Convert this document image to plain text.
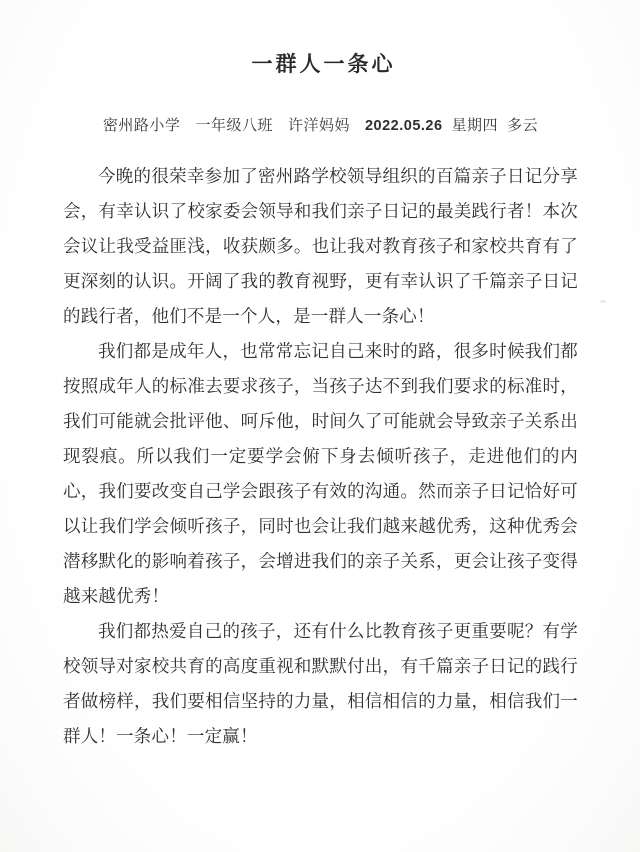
一群人一条心
密州路小学 一年级八班 许洋妈妈 2022.05.26 星期四 多云

今晚的很荣幸参加了密州路学校领导组织的百篇亲子日记分享会，有幸认识了校家委会领导和我们亲子日记的最美践行者！本次会议让我受益匪浅，收获颇多。也让我对教育孩子和家校共育有了更深刻的认识。开阔了我的教育视野，更有幸认识了千篇亲子日记的践行者，他们不是一个人，是一群人一条心！

我们都是成年人，也常常忘记自己来时的路，很多时候我们都按照成年人的标准去要求孩子，当孩子达不到我们要求的标准时，我们可能就会批评他、呵斥他，时间久了可能就会导致亲子关系出现裂痕。所以我们一定要学会俯下身去倾听孩子，走进他们的内心，我们要改变自己学会跟孩子有效的沟通。然而亲子日记恰好可以让我们学会倾听孩子，同时也会让我们越来越优秀，这种优秀会潜移默化的影响着孩子，会增进我们的亲子关系，更会让孩子变得越来越优秀！

我们都热爱自己的孩子，还有什么比教育孩子更重要呢？有学校领导对家校共育的高度重视和默默付出，有千篇亲子日记的践行者做榜样，我们要相信坚持的力量，相信相信的力量，相信我们一群人！一条心！一定赢！
